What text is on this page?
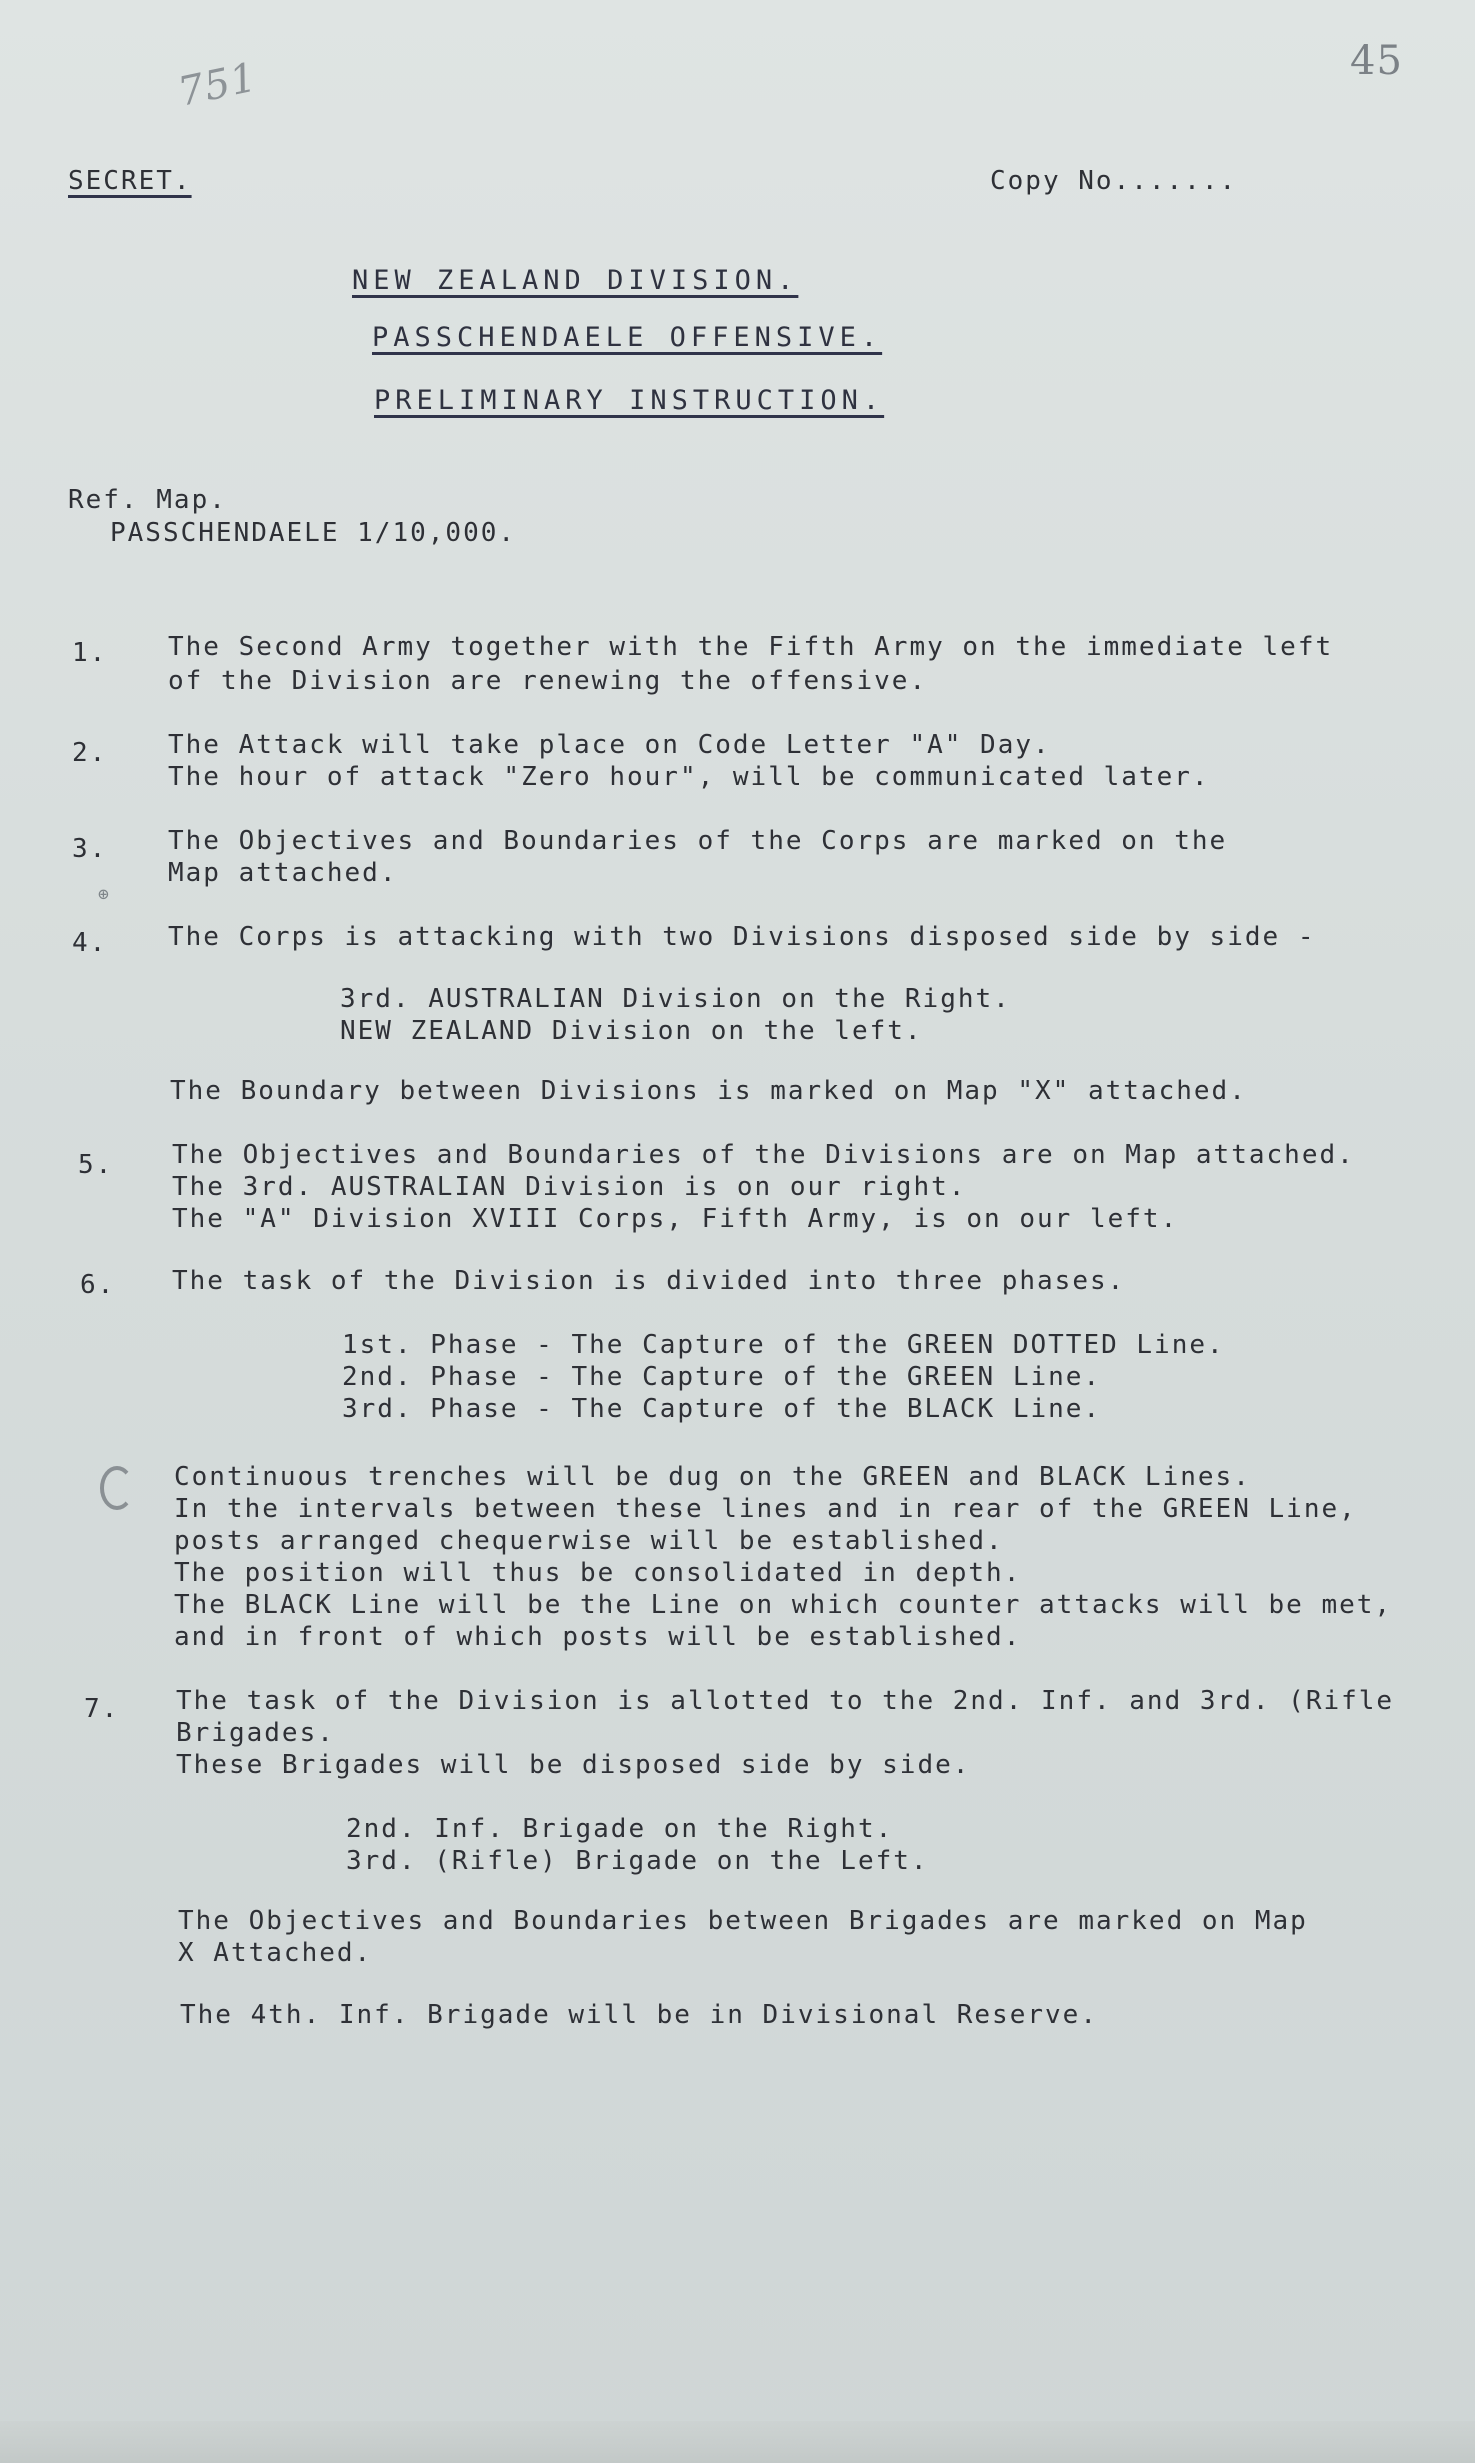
751	45
SECRET.	Copy No.......
NEW ZEALAND DIVISION.
PASSCHENDAELE OFFENSIVE.
PRELIMINARY INSTRUCTION.
Ref. Map.
PASSCHENDAELE 1/10,000.
1. The Second Army together with the Fifth Army on the immediate left
of the Division are renewing the offensive.
2. The Attack will take place on Code Letter "A" Day.
The hour of attack "Zero hour", will be communicated later.
3. The Objectives and Boundaries of the Corps are marked on the
Map attached.
⊕
4. The Corps is attacking with two Divisions disposed side by side -
3rd. AUSTRALIAN Division on the Right.
NEW ZEALAND Division on the left.
The Boundary between Divisions is marked on Map "X" attached.
5. The Objectives and Boundaries of the Divisions are on Map attached.
The 3rd. AUSTRALIAN Division is on our right.
The "A" Division XVIII Corps, Fifth Army, is on our left.
6. The task of the Division is divided into three phases.
1st. Phase - The Capture of the GREEN DOTTED Line.
2nd. Phase - The Capture of the GREEN Line.
3rd. Phase - The Capture of the BLACK Line.
Continuous trenches will be dug on the GREEN and BLACK Lines.
In the intervals between these lines and in rear of the GREEN Line,
posts arranged chequerwise will be established.
The position will thus be consolidated in depth.
The BLACK Line will be the Line on which counter attacks will be met,
and in front of which posts will be established.
7. The task of the Division is allotted to the 2nd. Inf. and 3rd. (Rifle
Brigades.
These Brigades will be disposed side by side.
2nd. Inf. Brigade on the Right.
3rd. (Rifle) Brigade on the Left.
The Objectives and Boundaries between Brigades are marked on Map
X Attached.
The 4th. Inf. Brigade will be in Divisional Reserve.
